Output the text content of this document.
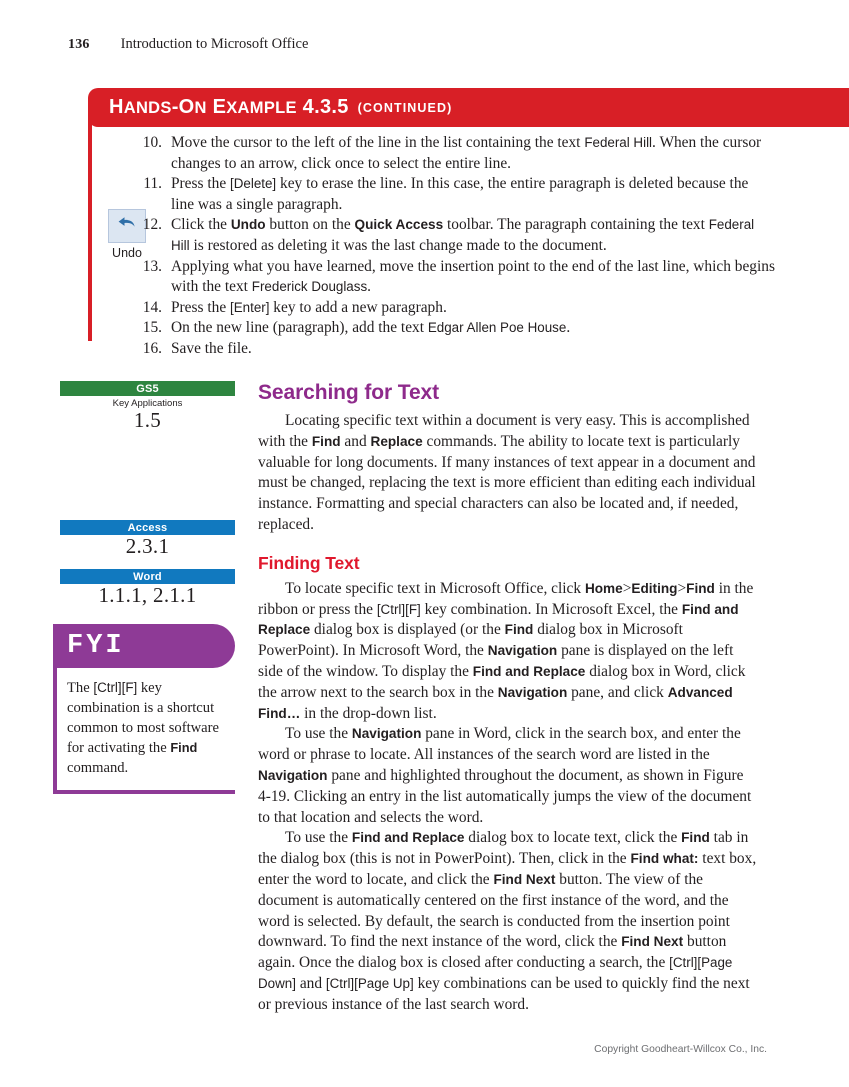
136 Introduction to Microsoft Office
HANDS-ON EXAMPLE 4.3.5 (CONTINUED)
Undo
10. Move the cursor to the left of the line in the list containing the text Federal Hill. When the cursor changes to an arrow, click once to select the entire line.
11. Press the [Delete] key to erase the line. In this case, the entire paragraph is deleted because the line was a single paragraph.
12. Click the Undo button on the Quick Access toolbar. The paragraph containing the text Federal Hill is restored as deleting it was the last change made to the document.
13. Applying what you have learned, move the insertion point to the end of the last line, which begins with the text Frederick Douglass.
14. Press the [Enter] key to add a new paragraph.
15. On the new line (paragraph), add the text Edgar Allen Poe House.
16. Save the file.
GS5
Key Applications
1.5
Access
2.3.1
Word
1.1.1, 2.1.1
FYI
The [Ctrl][F] key combination is a shortcut common to most software for activating the Find command.
Searching for Text

Locating specific text within a document is very easy. This is accomplished with the Find and Replace commands. The ability to locate text is particularly valuable for long documents. If many instances of text appear in a document and must be changed, replacing the text is more efficient than editing each individual instance. Formatting and special characters can also be located and, if needed, replaced.

Finding Text

To locate specific text in Microsoft Office, click Home>Editing>Find in the ribbon or press the [Ctrl][F] key combination. In Microsoft Excel, the Find and Replace dialog box is displayed (or the Find dialog box in Microsoft PowerPoint). In Microsoft Word, the Navigation pane is displayed on the left side of the window. To display the Find and Replace dialog box in Word, click the arrow next to the search box in the Navigation pane, and click Advanced Find… in the drop-down list.

To use the Navigation pane in Word, click in the search box, and enter the word or phrase to locate. All instances of the search word are listed in the Navigation pane and highlighted throughout the document, as shown in Figure 4-19. Clicking an entry in the list automatically jumps the view of the document to that location and selects the word.

To use the Find and Replace dialog box to locate text, click the Find tab in the dialog box (this is not in PowerPoint). Then, click in the Find what: text box, enter the word to locate, and click the Find Next button. The view of the document is automatically centered on the first instance of the word, and the word is selected. By default, the search is conducted from the insertion point downward. To find the next instance of the word, click the Find Next button again. Once the dialog box is closed after conducting a search, the [Ctrl][Page Down] and [Ctrl][Page Up] key combinations can be used to quickly find the next or previous instance of the last search word.

Copyright Goodheart-Willcox Co., Inc.
